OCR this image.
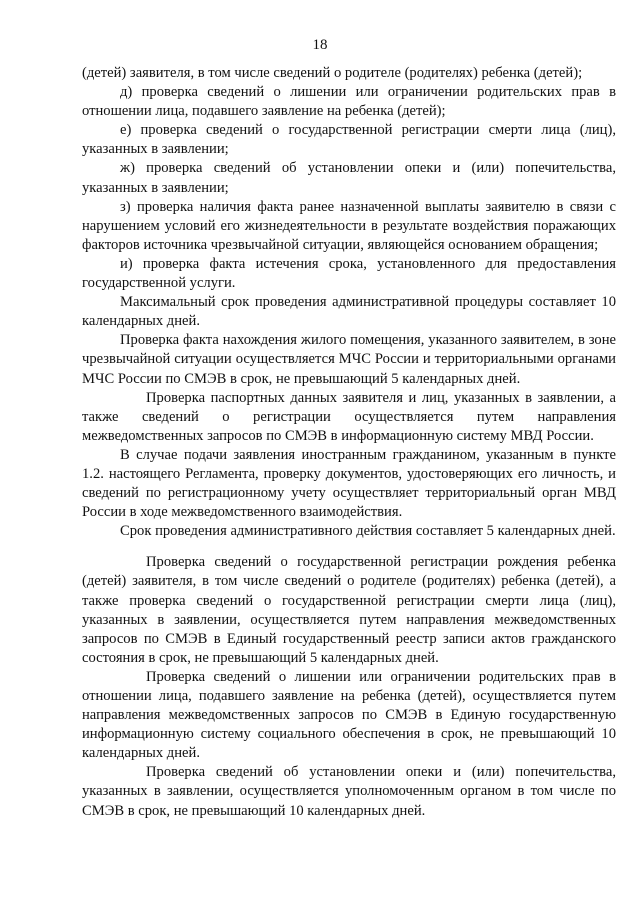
18

(детей) заявителя, в том числе сведений о родителе (родителях) ребенка (детей);

д) проверка сведений о лишении или ограничении родительских прав в отношении лица, подавшего заявление на ребенка (детей);

е) проверка сведений о государственной регистрации смерти лица (лиц), указанных в заявлении;

ж) проверка сведений об установлении опеки и (или) попечительства, указанных в заявлении;

з) проверка наличия факта ранее назначенной выплаты заявителю в связи с нарушением условий его жизнедеятельности в результате воздействия поражающих факторов источника чрезвычайной ситуации, являющейся основанием обращения;

и) проверка факта истечения срока, установленного для предоставления государственной услуги.

Максимальный срок проведения административной процедуры составляет 10 календарных дней.

Проверка факта нахождения жилого помещения, указанного заявителем, в зоне чрезвычайной ситуации осуществляется МЧС России и территориальными органами МЧС России по СМЭВ в срок, не превышающий 5 календарных дней.

Проверка паспортных данных заявителя и лиц, указанных в заявлении, а также сведений о регистрации осуществляется путем направления межведомственных запросов по СМЭВ в информационную систему МВД России.

В случае подачи заявления иностранным гражданином, указанным в пункте 1.2. настоящего Регламента, проверку документов, удостоверяющих его личность, и сведений по регистрационному учету осуществляет территориальный орган МВД России в ходе межведомственного взаимодействия.

Срок проведения административного действия составляет 5 календарных дней.

Проверка сведений о государственной регистрации рождения ребенка (детей) заявителя, в том числе сведений о родителе (родителях) ребенка (детей), а также проверка сведений о государственной регистрации смерти лица (лиц), указанных в заявлении, осуществляется путем направления межведомственных запросов по СМЭВ в Единый государственный реестр записи актов гражданского состояния в срок, не превышающий 5 календарных дней.

Проверка сведений о лишении или ограничении родительских прав в отношении лица, подавшего заявление на ребенка (детей), осуществляется путем направления межведомственных запросов по СМЭВ в Единую государственную информационную систему социального обеспечения в срок, не превышающий 10 календарных дней.

Проверка сведений об установлении опеки и (или) попечительства, указанных в заявлении, осуществляется уполномоченным органом в том числе по СМЭВ в срок, не превышающий 10 календарных дней.
